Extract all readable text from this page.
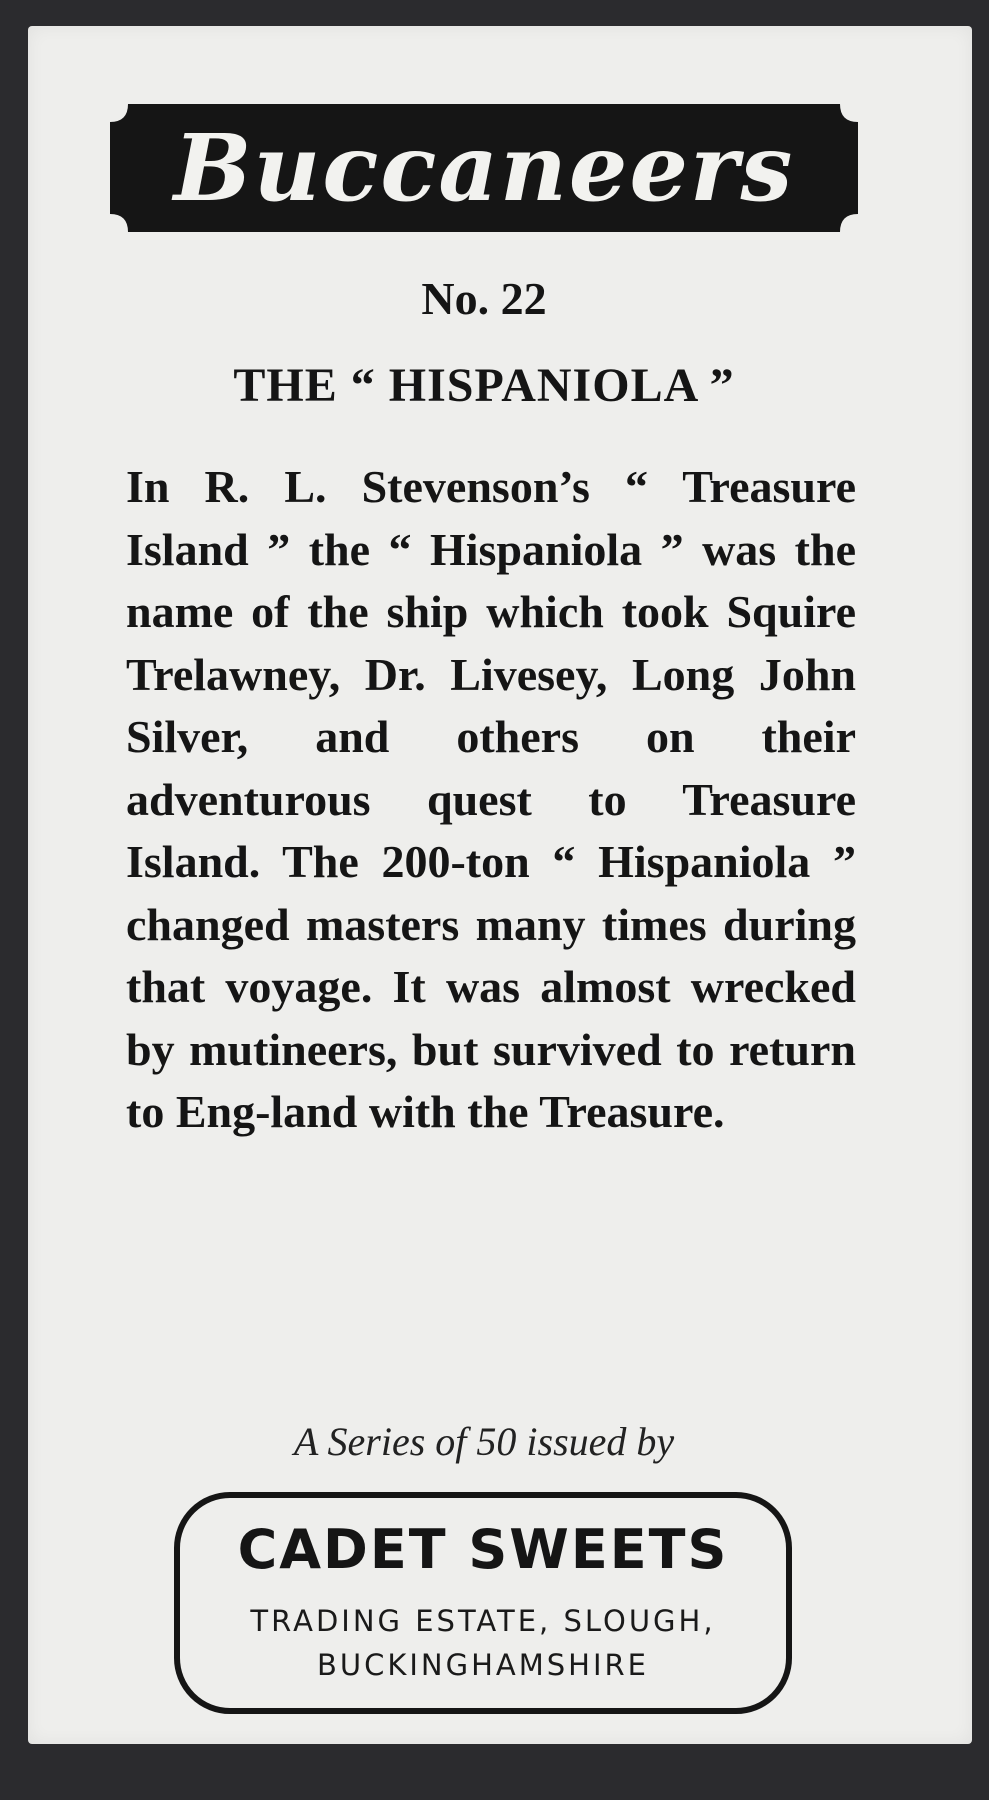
Buccaneers
No. 22
THE “ HISPANIOLA ”
In R. L. Stevenson’s “ Treasure Island ” the “ Hispaniola ” was the name of the ship which took Squire Trelawney, Dr. Livesey, Long John Silver, and others on their adventurous quest to Treasure Island. The 200-ton “ Hispaniola ” changed masters many times during that voyage. It was almost wrecked by mutineers, but survived to return to Eng-land with the Treasure.
A Series of 50 issued by
CADET SWEETS
TRADING ESTATE, SLOUGH,
BUCKINGHAMSHIRE
